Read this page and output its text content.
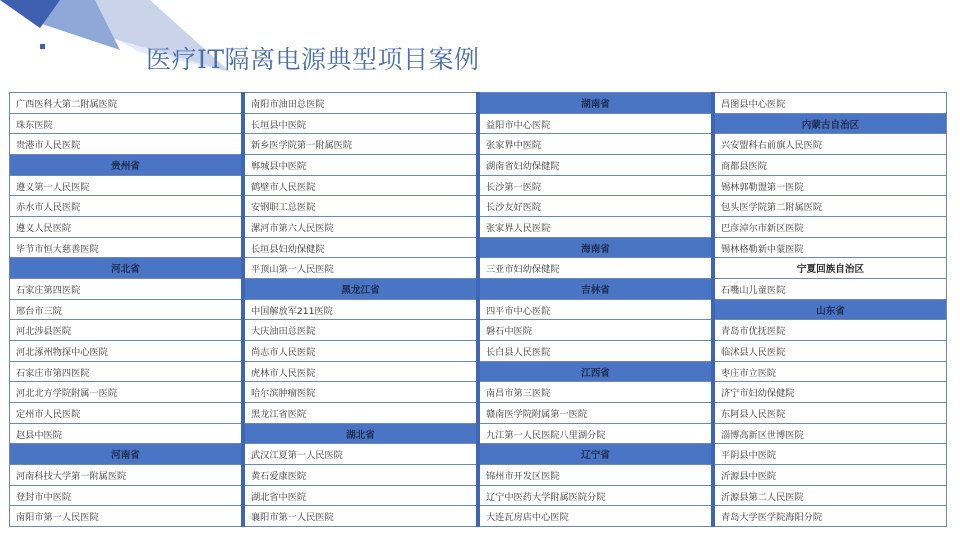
医疗IT隔离电源典型项目案例
广西医科大第二附属医院
珠东医院
贵港市人民医院
贵州省
遵义第一人民医院
赤水市人民医院
遵义人民医院
毕节市恒大慈善医院
河北省
石家庄第四医院
邢台市三院
河北涉县医院
河北涿州物探中心医院
石家庄市第四医院
河北北方学院附属一医院
定州市人民医院
赵县中医院
河南省
河南科技大学第一附属医院
登封市中医院
南阳市第一人民医院
南阳市油田总医院
长垣县中医院
新乡医学院第一附属医院
郸城县中医院
鹤壁市人民医院
安钢职工总医院
漯河市第六人民医院
长垣县妇幼保健院
平顶山第一人民医院
黑龙江省
中国解放军211医院
大庆油田总医院
尚志市人民医院
虎林市人民医院
哈尔滨肿瘤医院
黑龙江省医院
湖北省
武汉江夏第一人民医院
黄石爱康医院
湖北省中医院
襄阳市第一人民医院
湖南省
益阳市中心医院
张家界中医院
湖南省妇幼保健院
长沙第一医院
长沙友好医院
张家界人民医院
海南省
三亚市妇幼保健院
吉林省
四平市中心医院
磐石中医院
长白县人民医院
江西省
南昌市第三医院
赣南医学院附属第一医院
九江第一人民医院八里湖分院
辽宁省
锦州市开发区医院
辽宁中医药大学附属医院分院
大连瓦房店中心医院
昌图县中心医院
内蒙古自治区
兴安盟科右前旗人民医院
商都县医院
锡林郭勒盟第一医院
包头医学院第二附属医院
巴彦淖尔市新区医院
锡林格勒新中蒙医院
宁夏回族自治区
石嘴山儿童医院
山东省
青岛市优抚医院
临沭县人民医院
枣庄市立医院
济宁市妇幼保健院
东阿县人民医院
淄博高新区世博医院
平阴县中医院
沂源县中医院
沂源县第二人民医院
青岛大学医学院海阳分院
